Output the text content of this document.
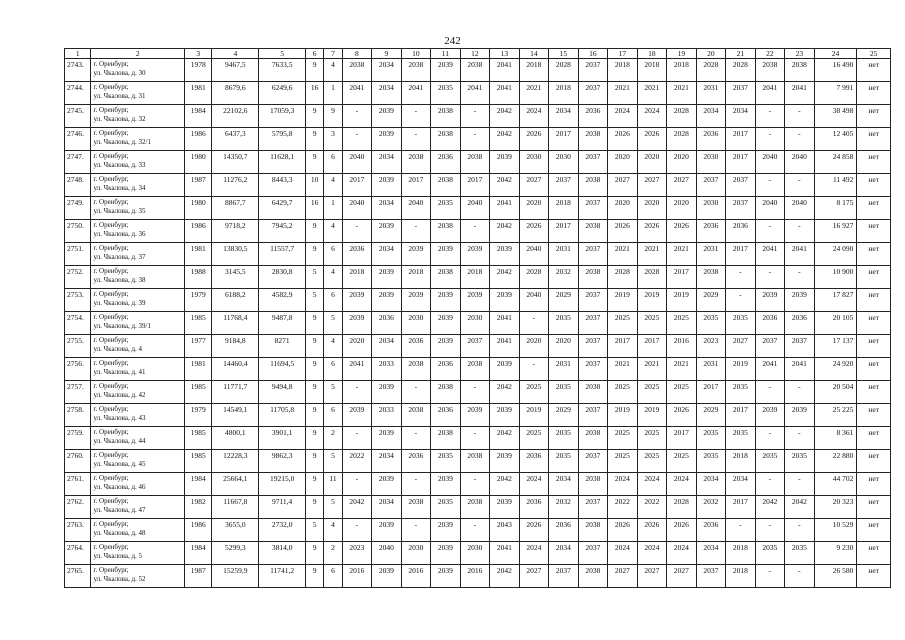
242
1	2	3	4	5	6	7	8	9	10	11	12	13	14	15	16	17	18	19	20	21	22	23	24	25
2743.	г. Оренбург,
ул. Чкалова, д. 30	1978	9467,5	7633,5	9	4	2038	2034	2038	2039	2038	2041	2018	2028	2037	2018	2018	2018	2028	2028	2038	2038	16 490	нет
2744.	г. Оренбург,
ул. Чкалова, д. 31	1981	8679,6	6249,6	16	1	2041	2034	2041	2035	2041	2041	2021	2018	2037	2021	2021	2021	2031	2037	2041	2041	7 991	нет
2745.	г. Оренбург,
ул. Чкалова, д. 32	1984	22102,6	17059,3	9	9	-	2039	-	2038	-	2042	2024	2034	2036	2024	2024	2028	2034	2034	-	-	38 498	нет
2746.	г. Оренбург,
ул. Чкалова, д. 32/1	1986	6437,3	5795,8	9	3	-	2039	-	2038	-	2042	2026	2017	2038	2026	2026	2028	2036	2017	-	-	12 405	нет
2747.	г. Оренбург,
ул. Чкалова, д. 33	1980	14350,7	11628,1	9	6	2040	2034	2038	2036	2038	2039	2030	2030	2037	2020	2020	2020	2030	2017	2040	2040	24 858	нет
2748.	г. Оренбург,
ул. Чкалова, д. 34	1987	11276,2	8443,3	10	4	2017	2039	2017	2038	2017	2042	2027	2037	2038	2027	2027	2027	2037	2037	-	-	11 492	нет
2749.	г. Оренбург,
ул. Чкалова, д. 35	1980	8867,7	6429,7	16	1	2040	2034	2040	2035	2040	2041	2020	2018	2037	2020	2020	2020	2030	2037	2040	2040	8 175	нет
2750.	г. Оренбург,
ул. Чкалова, д. 36	1986	9718,2	7945,2	9	4	-	2039	-	2038	-	2042	2026	2017	2038	2026	2026	2026	2036	2036	-	-	16 927	нет
2751.	г. Оренбург,
ул. Чкалова, д. 37	1981	13830,5	11557,7	9	6	2036	2034	2039	2039	2039	2039	2040	2031	2037	2021	2021	2021	2031	2017	2041	2041	24 090	нет
2752.	г. Оренбург,
ул. Чкалова, д. 38	1988	3145,5	2830,8	5	4	2018	2039	2018	2038	2018	2042	2028	2032	2038	2028	2028	2017	2038	-	-	-	10 900	нет
2753.	г. Оренбург,
ул. Чкалова, д. 39	1979	6188,2	4582,9	5	6	2039	2039	2039	2039	2039	2039	2040	2029	2037	2019	2019	2019	2029	-	2039	2039	17 827	нет
2754.	г. Оренбург,
ул. Чкалова, д. 39/1	1985	11768,4	9487,8	9	5	2039	2036	2030	2039	2030	2041	-	2035	2037	2025	2025	2025	2035	2035	2036	2036	20 105	нет
2755.	г. Оренбург,
ул. Чкалова, д. 4	1977	9184,8	8271	9	4	2020	2034	2036	2039	2037	2041	2020	2020	2037	2017	2017	2016	2023	2027	2037	2037	17 137	нет
2756.	г. Оренбург,
ул. Чкалова, д. 41	1981	14460,4	11694,5	9	6	2041	2033	2038	2036	2038	2039	-	2031	2037	2021	2021	2021	2031	2019	2041	2041	24 920	нет
2757.	г. Оренбург,
ул. Чкалова, д. 42	1985	11771,7	9494,8	9	5	-	2039	-	2038	-	2042	2025	2035	2038	2025	2025	2025	2017	2035	-	-	20 504	нет
2758.	г. Оренбург,
ул. Чкалова, д. 43	1979	14549,1	11705,8	9	6	2039	2033	2038	2036	2039	2039	2019	2029	2037	2019	2019	2026	2029	2017	2039	2039	25 225	нет
2759.	г. Оренбург,
ул. Чкалова, д. 44	1985	4800,1	3901,1	9	2	-	2039	-	2038	-	2042	2025	2035	2038	2025	2025	2017	2035	2035	-	-	8 361	нет
2760.	г. Оренбург,
ул. Чкалова, д. 45	1985	12228,3	9862,3	9	5	2022	2034	2036	2035	2038	2039	2036	2035	2037	2025	2025	2025	2035	2018	2035	2035	22 880	нет
2761.	г. Оренбург,
ул. Чкалова, д. 46	1984	25664,1	19215,0	9	11	-	2039	-	2039	-	2042	2024	2034	2038	2024	2024	2024	2034	2034	-	-	44 702	нет
2762.	г. Оренбург,
ул. Чкалова, д. 47	1982	11667,8	9711,4	9	5	2042	2034	2038	2035	2038	2039	2036	2032	2037	2022	2022	2028	2032	2017	2042	2042	20 323	нет
2763.	г. Оренбург,
ул. Чкалова, д. 48	1986	3655,0	2732,0	5	4	-	2039	-	2039	-	2043	2026	2036	2038	2026	2026	2026	2036	-	-	-	10 529	нет
2764.	г. Оренбург,
ул. Чкалова, д. 5	1984	5299,3	3814,0	9	2	2023	2040	2030	2039	2030	2041	2024	2034	2037	2024	2024	2024	2034	2018	2035	2035	9 230	нет
2765.	г. Оренбург,
ул. Чкалова, д. 52	1987	15259,9	11741,2	9	6	2016	2039	2016	2039	2016	2042	2027	2037	2038	2027	2027	2027	2037	2018	-	-	26 580	нет
